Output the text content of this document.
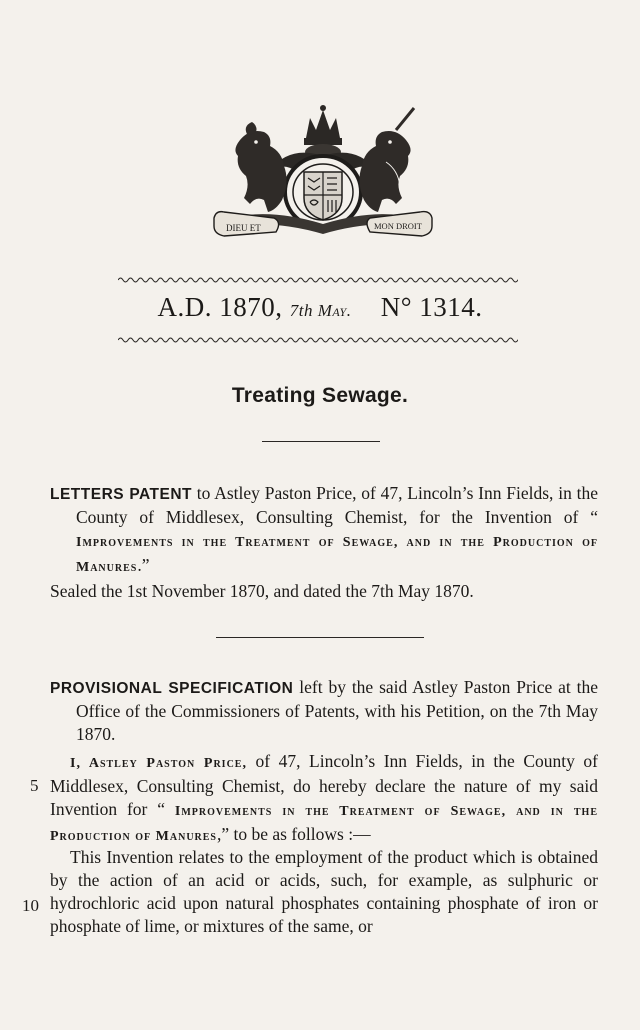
DIEU ET	MON DROIT
A.D. 1870, 7th May. N° 1314.
Treating Sewage.
LETTERS PATENT to Astley Paston Price, of 47, Lincoln’s Inn Fields, in the County of Middlesex, Consulting Chemist, for the Invention of “ Improvements in the Treatment of Sewage, and in the Production of Manures.”
Sealed the 1st November 1870, and dated the 7th May 1870.
PROVISIONAL SPECIFICATION left by the said Astley Paston Price at the Office of the Commissioners of Patents, with his Petition, on the 7th May 1870.
I, Astley Paston Price, of 47, Lincoln’s Inn Fields, in the County of Middlesex, Consulting Chemist, do hereby declare the nature of my said Invention for “ Improvements in the Treatment of Sewage, and in the Production of Manures,” to be as follows :—
This Invention relates to the employment of the product which is obtained by the action of an acid or acids, such, for example, as sulphuric or hydrochloric acid upon natural phosphates containing phosphate of iron or phosphate of lime, or mixtures of the same, or
5
10
